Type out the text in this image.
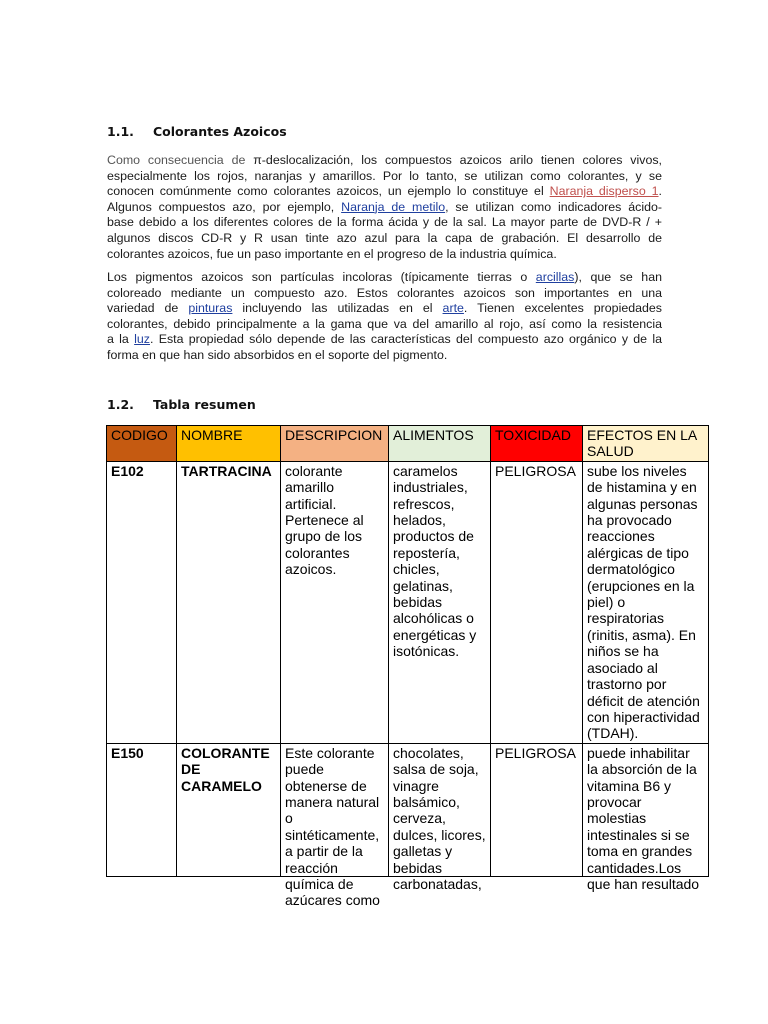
1.1. Colorantes Azoicos
Como consecuencia de π-deslocalización, los compuestos azoicos arilo tienen colores vivos,
especialmente los rojos, naranjas y amarillos. Por lo tanto, se utilizan como colorantes, y se
conocen comúnmente como colorantes azoicos, un ejemplo lo constituye el Naranja disperso 1.
Algunos compuestos azo, por ejemplo, Naranja de metilo, se utilizan como indicadores ácido-
base debido a los diferentes colores de la forma ácida y de la sal. La mayor parte de DVD-R / +
algunos discos CD-R y R usan tinte azo azul para la capa de grabación. El desarrollo de
colorantes azoicos, fue un paso importante en el progreso de la industria química.
Los pigmentos azoicos son partículas incoloras (típicamente tierras o arcillas), que se han
coloreado mediante un compuesto azo. Estos colorantes azoicos son importantes en una
variedad de pinturas incluyendo las utilizadas en el arte. Tienen excelentes propiedades
colorantes, debido principalmente a la gama que va del amarillo al rojo, así como la resistencia
a la luz. Esta propiedad sólo depende de las características del compuesto azo orgánico y de la
forma en que han sido absorbidos en el soporte del pigmento.
1.2. Tabla resumen
CODIGO	NOMBRE	DESCRIPCION	ALIMENTOS	TOXICIDAD	EFECTOS EN LA SALUD
E102	TARTRACINA	colorante amarillo artificial. Pertenece al grupo de los colorantes azoicos.	caramelos industriales, refrescos, helados, productos de repostería, chicles, gelatinas, bebidas alcohólicas o energéticas y isotónicas.	PELIGROSA	sube los niveles de histamina y en algunas personas ha provocado reacciones alérgicas de tipo dermatológico (erupciones en la piel) o respiratorias (rinitis, asma). En niños se ha asociado al trastorno por déficit de atención con hiperactividad (TDAH).
E150	COLORANTE DE CARAMELO	Este colorante puede obtenerse de manera natural o sintéticamente, a partir de la reacción química de azúcares como	chocolates, salsa de soja, vinagre balsámico, cerveza, dulces, licores, galletas y bebidas carbonatadas,	PELIGROSA	puede inhabilitar la absorción de la vitamina B6 y provocar molestias intestinales si se toma en grandes cantidades.Los que han resultado
